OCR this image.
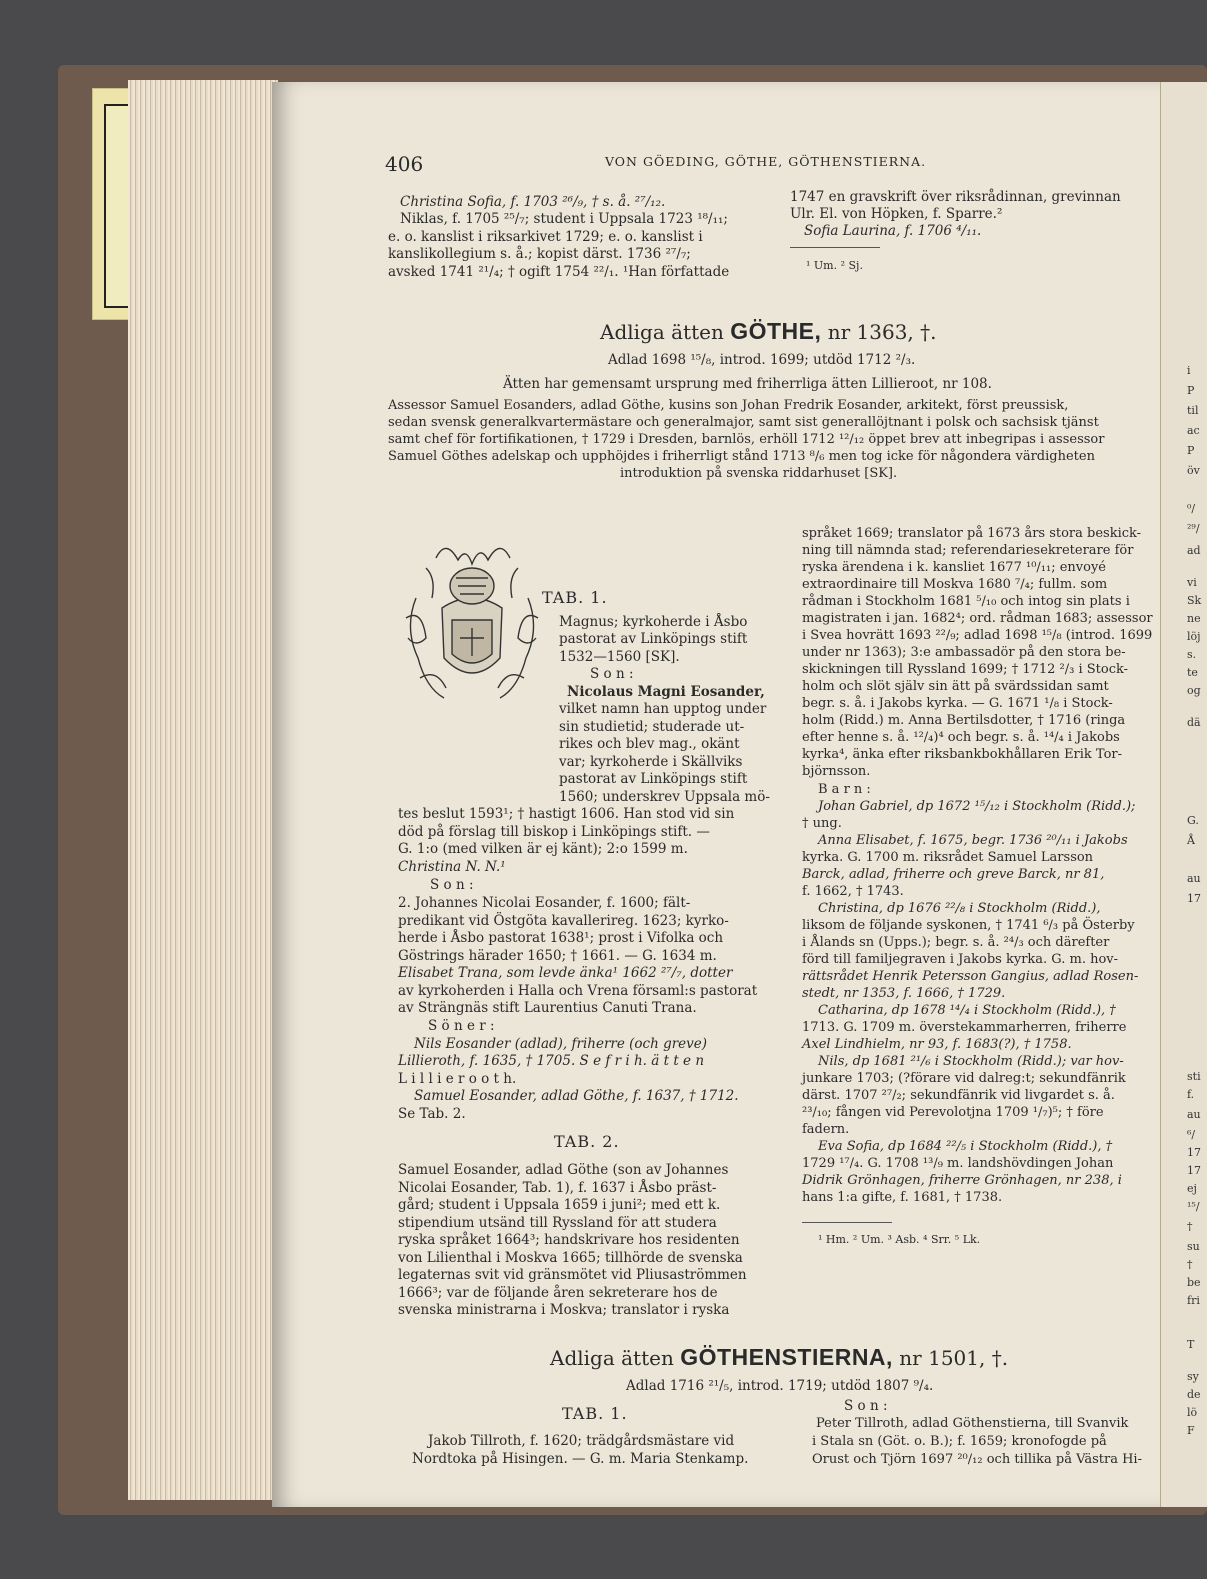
406	VON GÖEDING, GÖTHE, GÖTHENSTIERNA.
Christina Sofia, f. 1703 ²⁶/₉, † s. å. ²⁷/₁₂.
Niklas, f. 1705 ²⁵/₇; student i Uppsala 1723 ¹⁸/₁₁;
e. o. kanslist i riksarkivet 1729; e. o. kanslist i
kanslikollegium s. å.; kopist därst. 1736 ²⁷/₇;
avsked 1741 ²¹/₄; † ogift 1754 ²²/₁. ¹Han författade
1747 en gravskrift över riksrådinnan, grevinnan
Ulr. El. von Höpken, f. Sparre.²
Sofia Laurina, f. 1706 ⁴/₁₁.
¹ Um. ² Sj.
Adliga ätten GÖTHE, nr 1363, †.
Adlad 1698 ¹⁵/₈, introd. 1699; utdöd 1712 ²/₃.
Ätten har gemensamt ursprung med friherrliga ätten Lillieroot, nr 108.
Assessor Samuel Eosanders, adlad Göthe, kusins son Johan Fredrik Eosander, arkitekt, först preussisk,
sedan svensk generalkvartermästare och generalmajor, samt sist generallöjtnant i polsk och sachsisk tjänst
samt chef för fortifikationen, † 1729 i Dresden, barnlös, erhöll 1712 ¹²/₁₂ öppet brev att inbegripas i assessor
Samuel Göthes adelskap och upphöjdes i friherrligt stånd 1713 ⁸/₆ men tog icke för någondera värdigheten
introduktion på svenska riddarhuset [SK].
TAB. 1.
Magnus; kyrkoherde i Åsbo
pastorat av Linköpings stift
1532—1560 [SK].
S o n :
Nicolaus Magni Eosander,
vilket namn han upptog under
sin studietid; studerade ut-
rikes och blev mag., okänt
var; kyrkoherde i Skällviks
pastorat av Linköpings stift
1560; underskrev Uppsala mö-
tes beslut 1593¹; † hastigt 1606. Han stod vid sin
död på förslag till biskop i Linköpings stift. —
G. 1:o (med vilken är ej känt); 2:o 1599 m.
Christina N. N.¹
S o n :
2. Johannes Nicolai Eosander, f. 1600; fält-
predikant vid Östgöta kavallerireg. 1623; kyrko-
herde i Åsbo pastorat 1638¹; prost i Vifolka och
Göstrings härader 1650; † 1661. — G. 1634 m.
Elisabet Trana, som levde änka¹ 1662 ²⁷/₇, dotter
av kyrkoherden i Halla och Vrena församl:s pastorat
av Strängnäs stift Laurentius Canuti Trana.
S ö n e r :
Nils Eosander (adlad), friherre (och greve)
Lillieroth, f. 1635, † 1705. S e f r i h. ä t t e n
L i l l i e r o o t h.
Samuel Eosander, adlad Göthe, f. 1637, † 1712.
Se Tab. 2.
TAB. 2.
Samuel Eosander, adlad Göthe (son av Johannes
Nicolai Eosander, Tab. 1), f. 1637 i Åsbo präst-
gård; student i Uppsala 1659 i juni²; med ett k.
stipendium utsänd till Ryssland för att studera
ryska språket 1664³; handskrivare hos residenten
von Lilienthal i Moskva 1665; tillhörde de svenska
legaternas svit vid gränsmötet vid Pliusaströmmen
1666³; var de följande åren sekreterare hos de
svenska ministrarna i Moskva; translator i ryska
språket 1669; translator på 1673 års stora beskick-
ning till nämnda stad; referendariesekreterare för
ryska ärendena i k. kansliet 1677 ¹⁰/₁₁; envoyé
extraordinaire till Moskva 1680 ⁷/₄; fullm. som
rådman i Stockholm 1681 ⁵/₁₀ och intog sin plats i
magistraten i jan. 1682⁴; ord. rådman 1683; assessor
i Svea hovrätt 1693 ²²/₉; adlad 1698 ¹⁵/₈ (introd. 1699
under nr 1363); 3:e ambassadör på den stora be-
skickningen till Ryssland 1699; † 1712 ²/₃ i Stock-
holm och slöt själv sin ätt på svärdssidan samt
begr. s. å. i Jakobs kyrka. — G. 1671 ¹/₈ i Stock-
holm (Ridd.) m. Anna Bertilsdotter, † 1716 (ringa
efter henne s. å. ¹²/₄)⁴ och begr. s. å. ¹⁴/₄ i Jakobs
kyrka⁴, änka efter riksbankbokhållaren Erik Tor-
björnsson.
B a r n :
Johan Gabriel, dp 1672 ¹⁵/₁₂ i Stockholm (Ridd.);
† ung.
Anna Elisabet, f. 1675, begr. 1736 ²⁰/₁₁ i Jakobs
kyrka. G. 1700 m. riksrådet Samuel Larsson
Barck, adlad, friherre och greve Barck, nr 81,
f. 1662, † 1743.
Christina, dp 1676 ²²/₈ i Stockholm (Ridd.),
liksom de följande syskonen, † 1741 ⁶/₃ på Österby
i Ålands sn (Upps.); begr. s. å. ²⁴/₃ och därefter
förd till familjegraven i Jakobs kyrka. G. m. hov-
rättsrådet Henrik Petersson Gangius, adlad Rosen-
stedt, nr 1353, f. 1666, † 1729.
Catharina, dp 1678 ¹⁴/₄ i Stockholm (Ridd.), †
1713. G. 1709 m. överstekammarherren, friherre
Axel Lindhielm, nr 93, f. 1683(?), † 1758.
Nils, dp 1681 ²¹/₆ i Stockholm (Ridd.); var hov-
junkare 1703; (?förare vid dalreg:t; sekundfänrik
därst. 1707 ²⁷/₂; sekundfänrik vid livgardet s. å.
²³/₁₀; fången vid Perevolotjna 1709 ¹/₇)⁵; † före
fadern.
Eva Sofia, dp 1684 ²²/₅ i Stockholm (Ridd.), †
1729 ¹⁷/₄. G. 1708 ¹³/₉ m. landshövdingen Johan
Didrik Grönhagen, friherre Grönhagen, nr 238, i
hans 1:a gifte, f. 1681, † 1738.
¹ Hm. ² Um. ³ Asb. ⁴ Srr. ⁵ Lk.
Adliga ätten GÖTHENSTIERNA, nr 1501, †.
Adlad 1716 ²¹/₅, introd. 1719; utdöd 1807 ⁹/₄.
TAB. 1.
Jakob Tillroth, f. 1620; trädgårdsmästare vid
Nordtoka på Hisingen. — G. m. Maria Stenkamp.
S o n :
Peter Tillroth, adlad Göthenstierna, till Svanvik
i Stala sn (Göt. o. B.); f. 1659; kronofogde på
Orust och Tjörn 1697 ²⁰/₁₂ och tillika på Västra Hi-
i
P
til
ac
P
öv
⁰/
²⁹/
ad
vi
Sk
ne
löj
s.
te
og
dä
G.
Å
au
17
sti
f.
au
⁶/
17
17
ej
¹⁵/
†
su
†
be
fri
T
sy
de
lö
F
